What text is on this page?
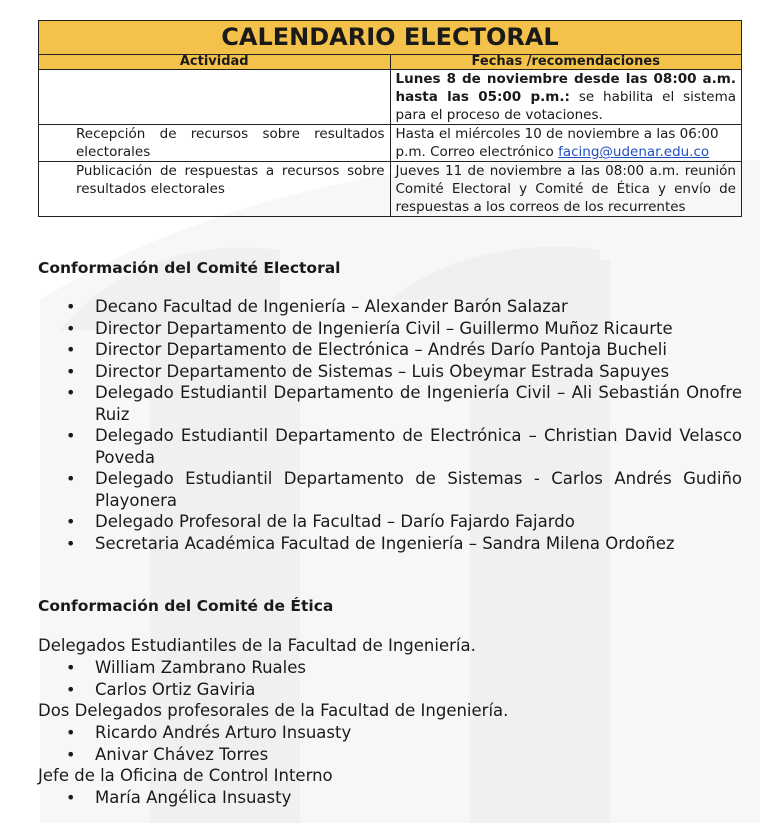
CALENDARIO ELECTORAL	
Actividad	Fechas /recomendaciones
	Lunes 8 de noviembre desde las 08:00 a.m. hasta las 05:00 p.m.: se habilita el sistema para el proceso de votaciones.
Recepción de recursos sobre resultados electorales	Hasta el miércoles 10 de noviembre a las 06:00 p.m. Correo electrónico facing@udenar.edu.co
Publicación de respuestas a recursos sobre resultados electorales	Jueves 11 de noviembre a las 08:00 a.m. reunión Comité Electoral y Comité de Ética y envío de respuestas a los correos de los recurrentes
Conformación del Comité Electoral
• Decano Facultad de Ingeniería – Alexander Barón Salazar
• Director Departamento de Ingeniería Civil – Guillermo Muñoz Ricaurte
• Director Departamento de Electrónica – Andrés Darío Pantoja Bucheli
• Director Departamento de Sistemas – Luis Obeymar Estrada Sapuyes
• Delegado Estudiantil Departamento de Ingeniería Civil – Ali Sebastián Onofre Ruiz
• Delegado Estudiantil Departamento de Electrónica – Christian David Velasco Poveda
• Delegado Estudiantil Departamento de Sistemas - Carlos Andrés Gudiño Playonera
• Delegado Profesoral de la Facultad – Darío Fajardo Fajardo
• Secretaria Académica Facultad de Ingeniería – Sandra Milena Ordoñez
Conformación del Comité de Ética
Delegados Estudiantiles de la Facultad de Ingeniería.
• William Zambrano Ruales
• Carlos Ortiz Gaviria
Dos Delegados profesorales de la Facultad de Ingeniería.
• Ricardo Andrés Arturo Insuasty
• Anivar Chávez Torres
Jefe de la Oficina de Control Interno
• María Angélica Insuasty
